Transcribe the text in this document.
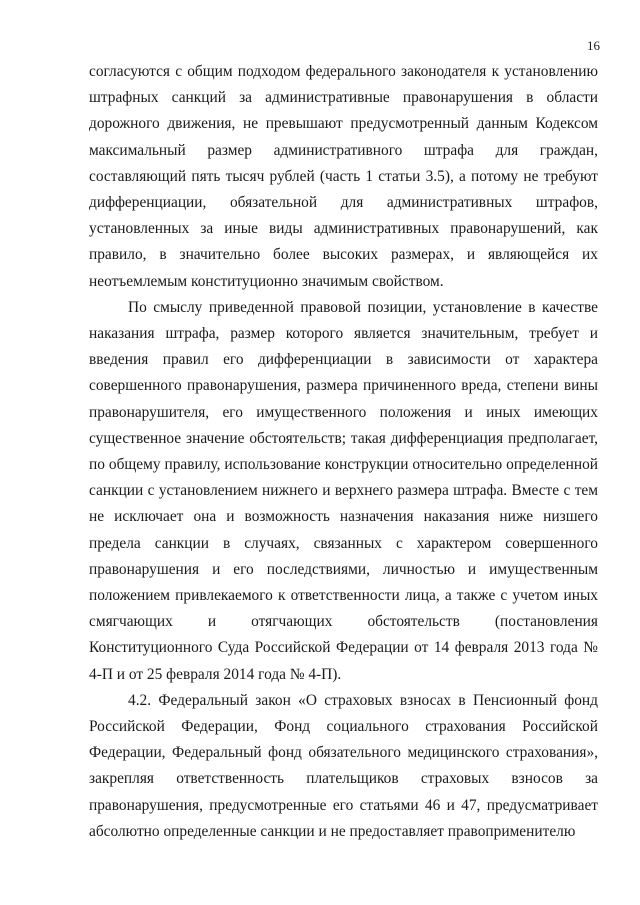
16

согласуются с общим подходом федерального законодателя к установлению штрафных санкций за административные правонарушения в области дорожного движения, не превышают предусмотренный данным Кодексом максимальный размер административного штрафа для граждан, составляющий пять тысяч рублей (часть 1 статьи 3.5), а потому не требуют дифференциации, обязательной для административных штрафов, установленных за иные виды административных правонарушений, как правило, в значительно более высоких размерах, и являющейся их неотъемлемым конституционно значимым свойством.

По смыслу приведенной правовой позиции, установление в качестве наказания штрафа, размер которого является значительным, требует и введения правил его дифференциации в зависимости от характера совершенного правонарушения, размера причиненного вреда, степени вины правонарушителя, его имущественного положения и иных имеющих существенное значение обстоятельств; такая дифференциация предполагает, по общему правилу, использование конструкции относительно определенной санкции с установлением нижнего и верхнего размера штрафа. Вместе с тем не исключает она и возможность назначения наказания ниже низшего предела санкции в случаях, связанных с характером совершенного правонарушения и его последствиями, личностью и имущественным положением привлекаемого к ответственности лица, а также с учетом иных смягчающих и отягчающих обстоятельств (постановления Конституционного Суда Российской Федерации от 14 февраля 2013 года № 4-П и от 25 февраля 2014 года № 4-П).

4.2. Федеральный закон «О страховых взносах в Пенсионный фонд Российской Федерации, Фонд социального страхования Российской Федерации, Федеральный фонд обязательного медицинского страхования», закрепляя ответственность плательщиков страховых взносов за правонарушения, предусмотренные его статьями 46 и 47, предусматривает абсолютно определенные санкции и не предоставляет правоприменителю
